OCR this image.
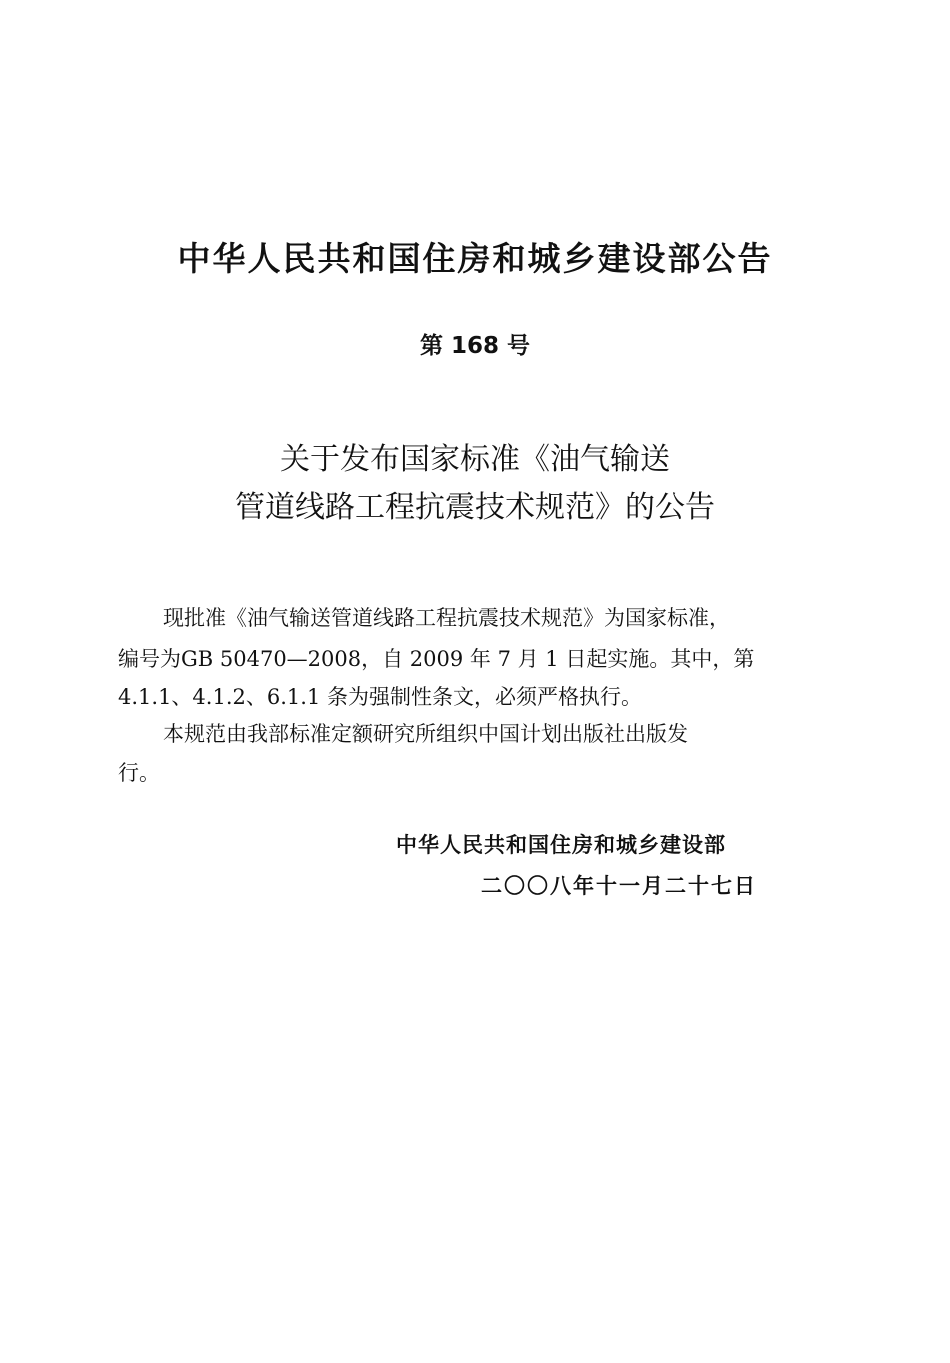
中华人民共和国住房和城乡建设部公告
第 168 号
关于发布国家标准《油气输送
管道线路工程抗震技术规范》的公告
现批准《油气输送管道线路工程抗震技术规范》为国家标准，
编号为GB 50470—2008，自 2009 年 7 月 1 日起实施。其中，第
4.1.1、4.1.2、6.1.1 条为强制性条文，必须严格执行。
本规范由我部标准定额研究所组织中国计划出版社出版发
行。
中华人民共和国住房和城乡建设部
二〇〇八年十一月二十七日
